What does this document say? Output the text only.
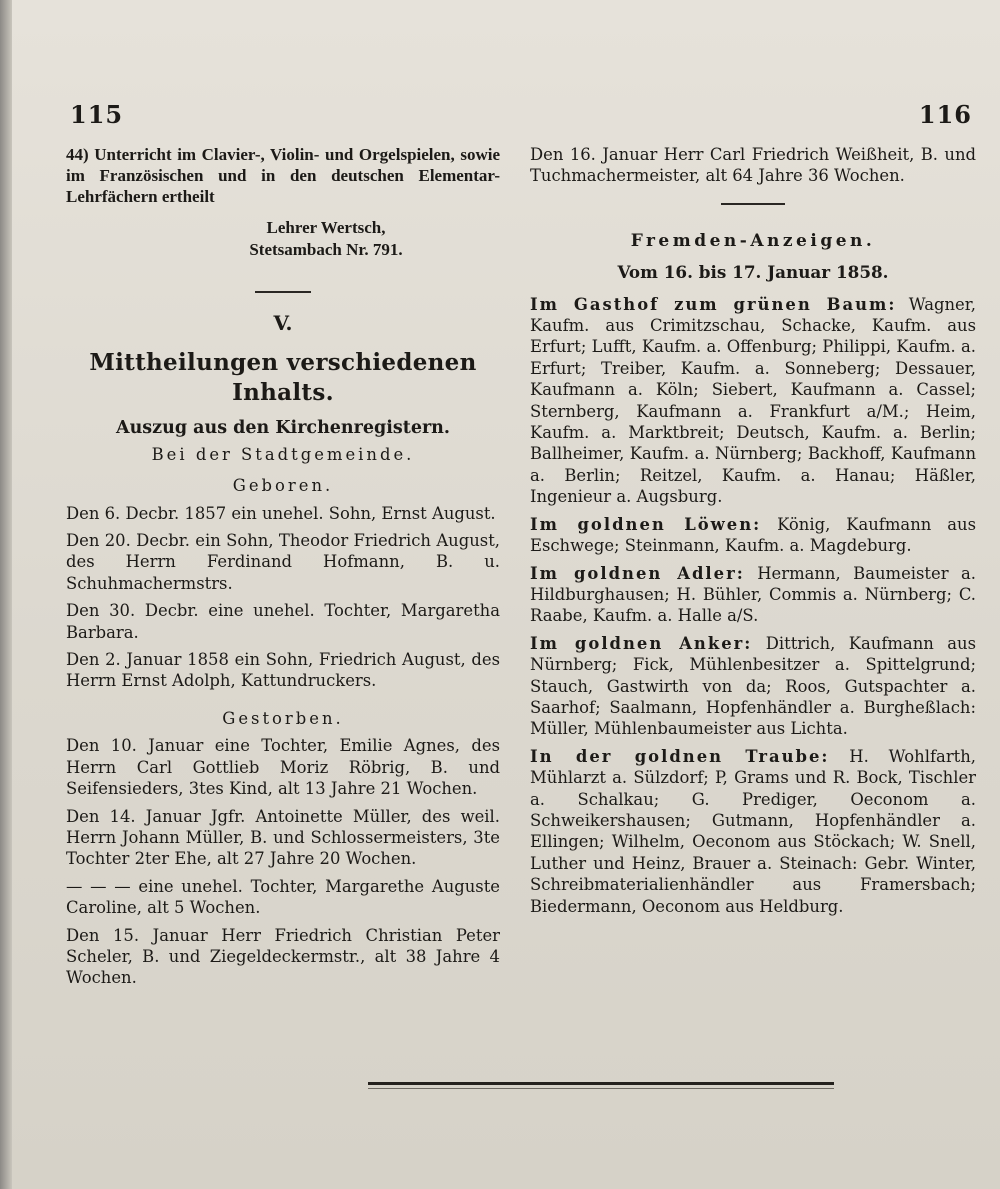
115	116

44) Unterricht im Clavier-, Violin- und Orgelspielen, sowie im Französischen und in den deutschen Elementar-Lehrfächern ertheilt

Lehrer Wertsch,
Stetsambach Nr. 791.
V.
Mittheilungen verschiedenen Inhalts.
Auszug aus den Kirchenregistern.
Bei der Stadtgemeinde.
Geboren.

Den 6. Decbr. 1857 ein unehel. Sohn, Ernst August.

Den 20. Decbr. ein Sohn, Theodor Friedrich August, des Herrn Ferdinand Hofmann, B. u. Schuhmachermstrs.

Den 30. Decbr. eine unehel. Tochter, Margaretha Barbara.

Den 2. Januar 1858 ein Sohn, Friedrich August, des Herrn Ernst Adolph, Kattundruckers.

Gestorben.

Den 10. Januar eine Tochter, Emilie Agnes, des Herrn Carl Gottlieb Moriz Röbrig, B. und Seifensieders, 3tes Kind, alt 13 Jahre 21 Wochen.

Den 14. Januar Jgfr. Antoinette Müller, des weil. Herrn Johann Müller, B. und Schlossermeisters, 3te Tochter 2ter Ehe, alt 27 Jahre 20 Wochen.

— — — eine unehel. Tochter, Margarethe Auguste Caroline, alt 5 Wochen.

Den 15. Januar Herr Friedrich Christian Peter Scheler, B. und Ziegeldeckermstr., alt 38 Jahre 4 Wochen.

Den 16. Januar Herr Carl Friedrich Weißheit, B. und Tuchmachermeister, alt 64 Jahre 36 Wochen.

Fremden-Anzeigen.
Vom 16. bis 17. Januar 1858.

Im Gasthof zum grünen Baum: Wagner, Kaufm. aus Crimitzschau, Schacke, Kaufm. aus Erfurt; Lufft, Kaufm. a. Offenburg; Philippi, Kaufm. a. Erfurt; Treiber, Kaufm. a. Sonneberg; Dessauer, Kaufmann a. Köln; Siebert, Kaufmann a. Cassel; Sternberg, Kaufmann a. Frankfurt a/M.; Heim, Kaufm. a. Marktbreit; Deutsch, Kaufm. a. Berlin; Ballheimer, Kaufm. a. Nürnberg; Backhoff, Kaufmann a. Berlin; Reitzel, Kaufm. a. Hanau; Häßler, Ingenieur a. Augsburg.

Im goldnen Löwen: König, Kaufmann aus Eschwege; Steinmann, Kaufm. a. Magdeburg.

Im goldnen Adler: Hermann, Baumeister a. Hildburghausen; H. Bühler, Commis a. Nürnberg; C. Raabe, Kaufm. a. Halle a/S.

Im goldnen Anker: Dittrich, Kaufmann aus Nürnberg; Fick, Mühlenbesitzer a. Spittelgrund; Stauch, Gastwirth von da; Roos, Gutspachter a. Saarhof; Saalmann, Hopfenhändler a. Burgheßlach: Müller, Mühlenbaumeister aus Lichta.

In der goldnen Traube: H. Wohlfarth, Mühlarzt a. Sülzdorf; P, Grams und R. Bock, Tischler a. Schalkau; G. Prediger, Oeconom a. Schweikershausen; Gutmann, Hopfenhändler a. Ellingen; Wilhelm, Oeconom aus Stöckach; W. Snell, Luther und Heinz, Brauer a. Steinach: Gebr. Winter, Schreibmaterialienhändler aus Framersbach; Biedermann, Oeconom aus Heldburg.
